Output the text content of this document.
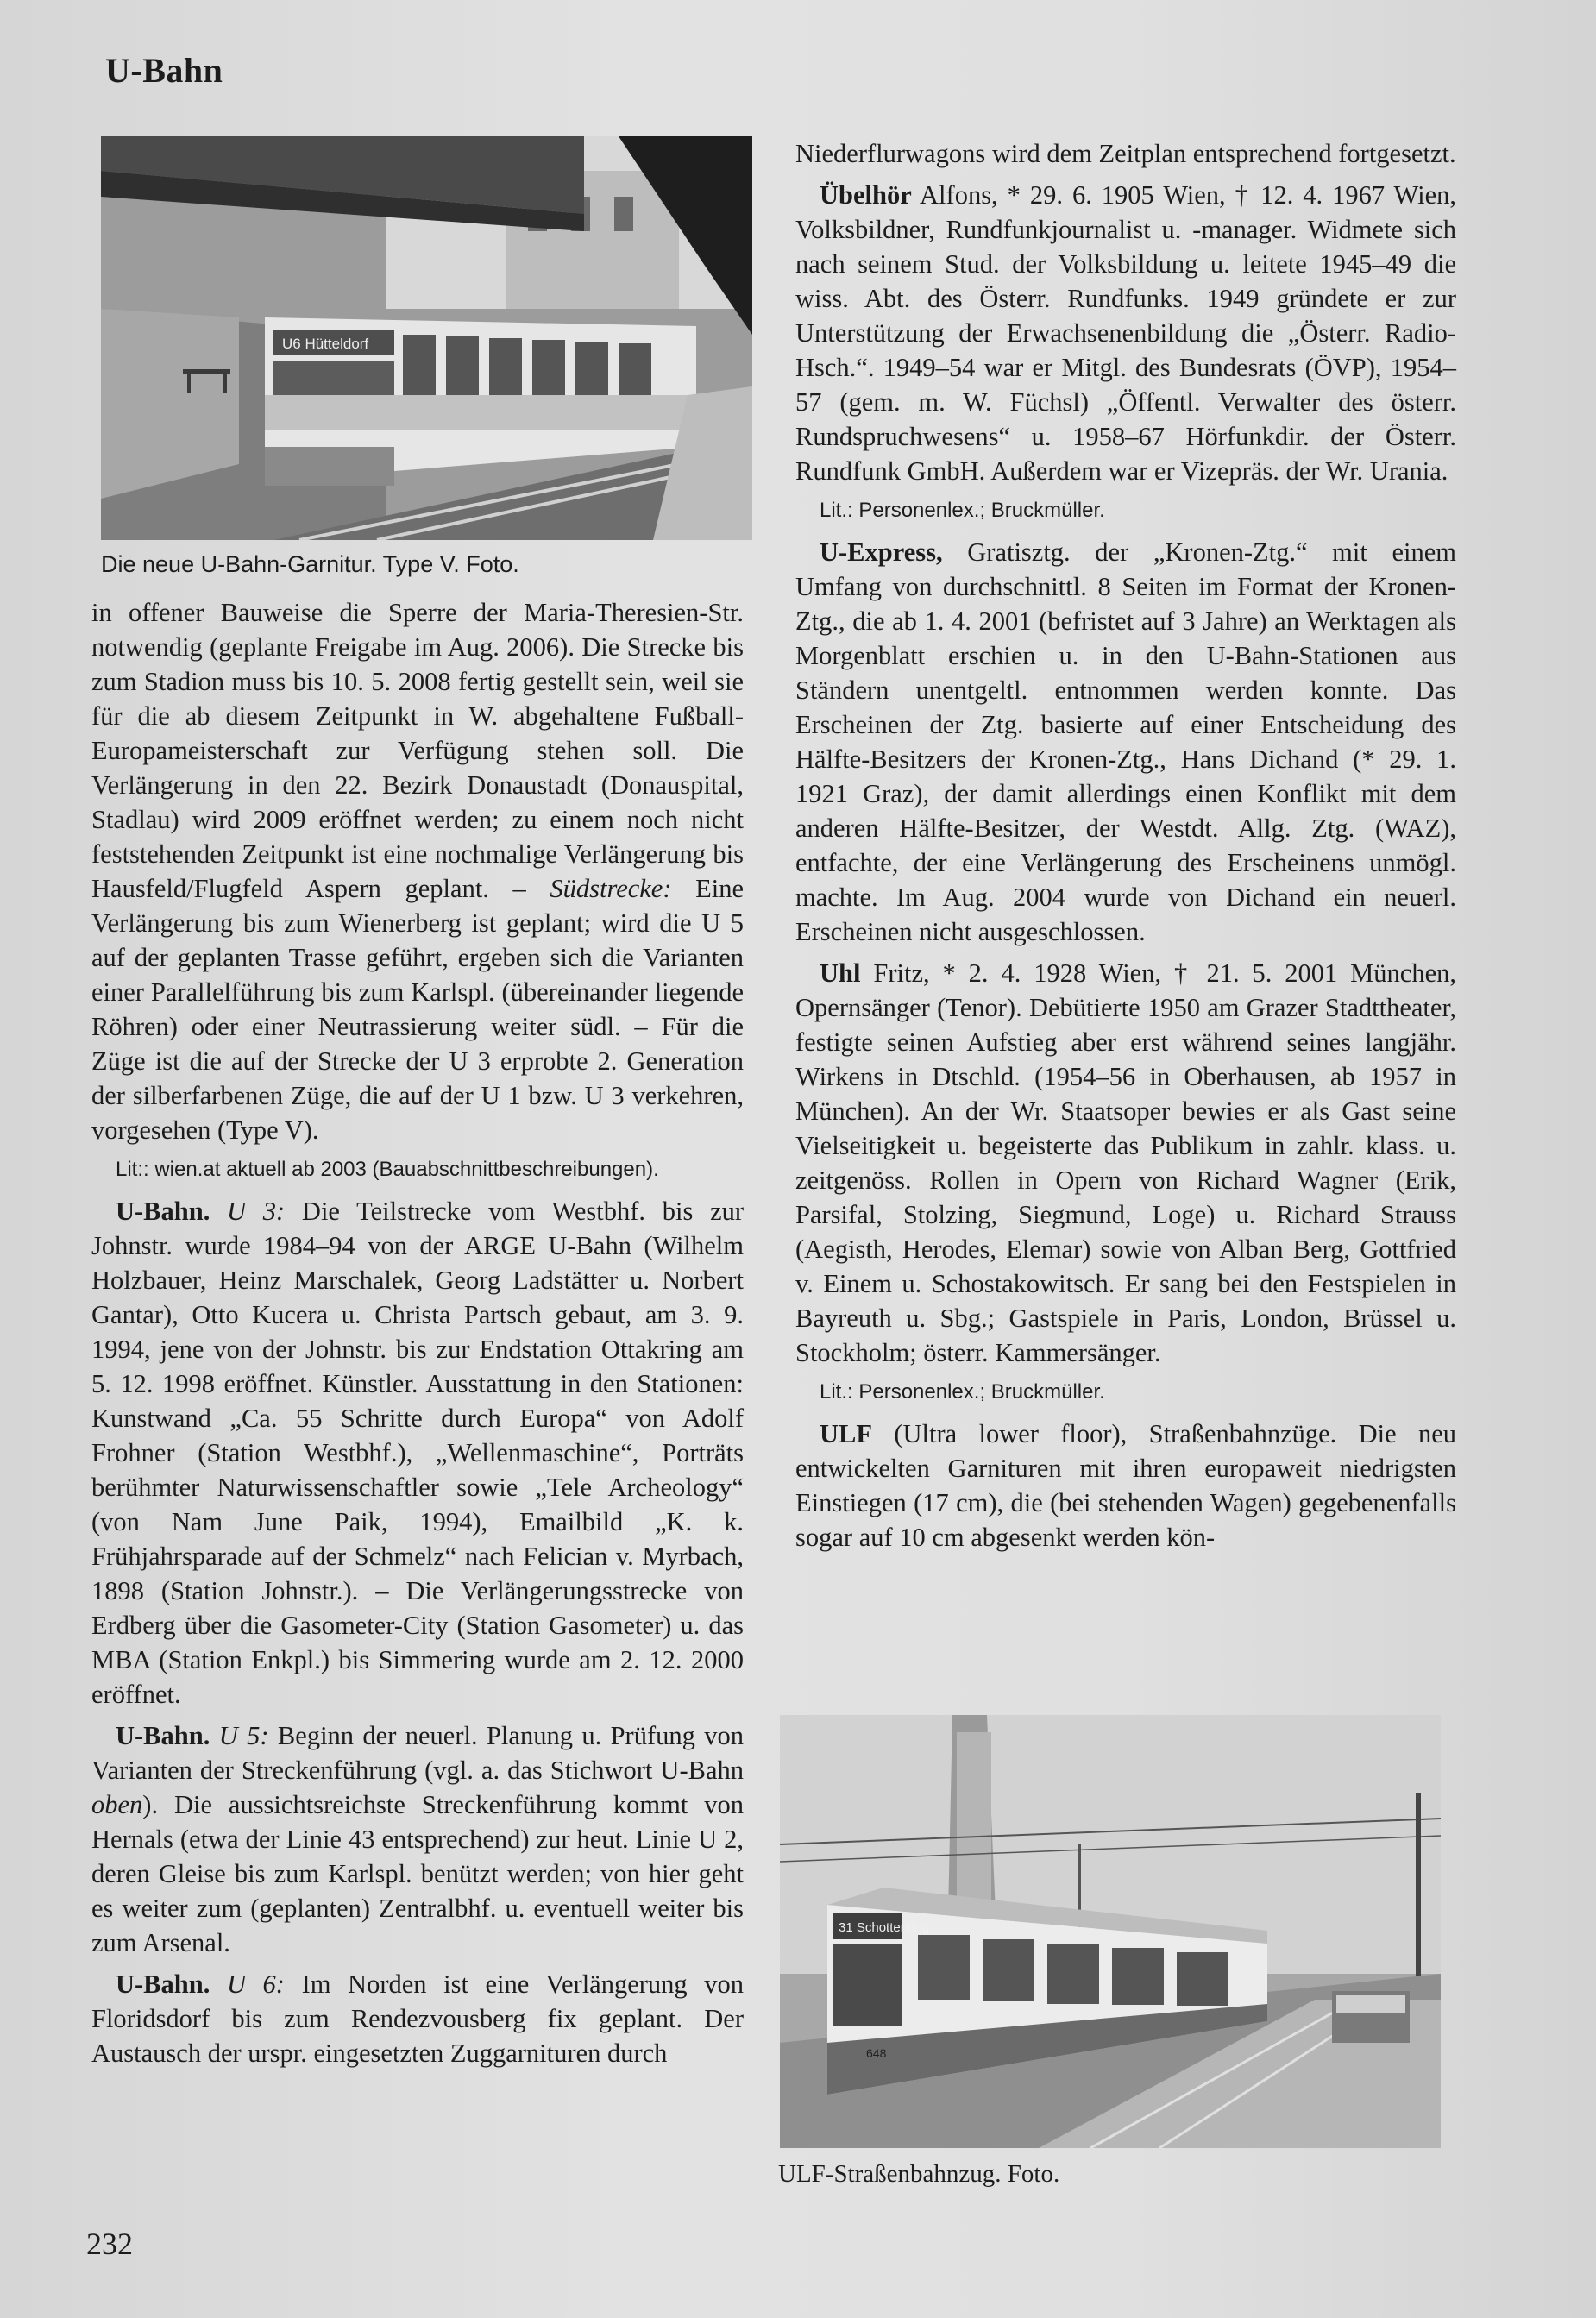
U-Bahn
U6 Hütteldorf
Die neue U-Bahn-Garnitur. Type V. Foto.

in offener Bauweise die Sperre der Maria-Theresien-Str. notwendig (geplante Freigabe im Aug. 2006). Die Strecke bis zum Stadion muss bis 10. 5. 2008 fertig gestellt sein, weil sie für die ab diesem Zeitpunkt in W. abgehaltene Fußball-Europameisterschaft zur Verfügung stehen soll. Die Verlängerung in den 22. Bezirk Donaustadt (Donauspital, Stadlau) wird 2009 eröffnet werden; zu einem noch nicht feststehenden Zeitpunkt ist eine nochmalige Verlängerung bis Hausfeld/Flugfeld Aspern geplant. – Südstrecke: Eine Verlängerung bis zum Wienerberg ist geplant; wird die U 5 auf der geplanten Trasse geführt, ergeben sich die Varianten einer Parallelführung bis zum Karlspl. (übereinander liegende Röhren) oder einer Neutrassierung weiter südl. – Für die Züge ist die auf der Strecke der U 3 erprobte 2. Generation der silberfarbenen Züge, die auf der U 1 bzw. U 3 verkehren, vorgesehen (Type V).

Lit:: wien.at aktuell ab 2003 (Bauabschnittbeschreibungen).

U-Bahn. U 3: Die Teilstrecke vom Westbhf. bis zur Johnstr. wurde 1984–94 von der ARGE U-Bahn (Wilhelm Holzbauer, Heinz Marschalek, Georg Ladstätter u. Norbert Gantar), Otto Kucera u. Christa Partsch gebaut, am 3. 9. 1994, jene von der Johnstr. bis zur Endstation Ottakring am 5. 12. 1998 eröffnet. Künstler. Ausstattung in den Stationen: Kunstwand „Ca. 55 Schritte durch Europa“ von Adolf Frohner (Station Westbhf.), „Wellenmaschine“, Porträts berühmter Naturwissenschaftler sowie „Tele Archeology“ (von Nam June Paik, 1994), Emailbild „K. k. Frühjahrsparade auf der Schmelz“ nach Felician v. Myrbach, 1898 (Station Johnstr.). – Die Verlängerungsstrecke von Erdberg über die Gasometer-City (Station Gasometer) u. das MBA (Station Enkpl.) bis Simmering wurde am 2. 12. 2000 eröffnet.

U-Bahn. U 5: Beginn der neuerl. Planung u. Prüfung von Varianten der Streckenführung (vgl. a. das Stichwort U-Bahn oben). Die aussichtsreichste Streckenführung kommt von Hernals (etwa der Linie 43 entsprechend) zur heut. Linie U 2, deren Gleise bis zum Karlspl. benützt werden; von hier geht es weiter zum (geplanten) Zentralbhf. u. eventuell weiter bis zum Arsenal.

U-Bahn. U 6: Im Norden ist eine Verlängerung von Floridsdorf bis zum Rendezvousberg fix geplant. Der Austausch der urspr. eingesetzten Zuggarnituren durch

Niederflurwagons wird dem Zeitplan entsprechend fortgesetzt.

Übelhör Alfons, * 29. 6. 1905 Wien, † 12. 4. 1967 Wien, Volksbildner, Rundfunkjournalist u. -manager. Widmete sich nach seinem Stud. der Volksbildung u. leitete 1945–49 die wiss. Abt. des Österr. Rundfunks. 1949 gründete er zur Unterstützung der Erwachsenenbildung die „Österr. Radio-Hsch.“. 1949–54 war er Mitgl. des Bundesrats (ÖVP), 1954–57 (gem. m. W. Füchsl) „Öffentl. Verwalter des österr. Rundspruchwesens“ u. 1958–67 Hörfunkdir. der Österr. Rundfunk GmbH. Außerdem war er Vizepräs. der Wr. Urania.

Lit.: Personenlex.; Bruckmüller.

U-Express, Gratisztg. der „Kronen-Ztg.“ mit einem Umfang von durchschnittl. 8 Seiten im Format der Kronen-Ztg., die ab 1. 4. 2001 (befristet auf 3 Jahre) an Werktagen als Morgenblatt erschien u. in den U-Bahn-Stationen aus Ständern unentgeltl. entnommen werden konnte. Das Erscheinen der Ztg. basierte auf einer Entscheidung des Hälfte-Besitzers der Kronen-Ztg., Hans Dichand (* 29. 1. 1921 Graz), der damit allerdings einen Konflikt mit dem anderen Hälfte-Besitzer, der Westdt. Allg. Ztg. (WAZ), entfachte, der eine Verlängerung des Erscheinens unmögl. machte. Im Aug. 2004 wurde von Dichand ein neuerl. Erscheinen nicht ausgeschlossen.

Uhl Fritz, * 2. 4. 1928 Wien, † 21. 5. 2001 München, Opernsänger (Tenor). Debütierte 1950 am Grazer Stadttheater, festigte seinen Aufstieg aber erst während seines langjähr. Wirkens in Dtschld. (1954–56 in Oberhausen, ab 1957 in München). An der Wr. Staatsoper bewies er als Gast seine Vielseitigkeit u. begeisterte das Publikum in zahlr. klass. u. zeitgenöss. Rollen in Opern von Richard Wagner (Erik, Parsifal, Stolzing, Siegmund, Loge) u. Richard Strauss (Aegisth, Herodes, Elemar) sowie von Alban Berg, Gottfried v. Einem u. Schostakowitsch. Er sang bei den Festspielen in Bayreuth u. Sbg.; Gastspiele in Paris, London, Brüssel u. Stockholm; österr. Kammersänger.

Lit.: Personenlex.; Bruckmüller.

ULF (Ultra lower floor), Straßenbahnzüge. Die neu entwickelten Garnituren mit ihren europaweit niedrigsten Einstiegen (17 cm), die (bei stehenden Wagen) gegebenenfalls sogar auf 10 cm abgesenkt werden kön-

31 Schottenring
648
ULF-Straßenbahnzug. Foto.
232
